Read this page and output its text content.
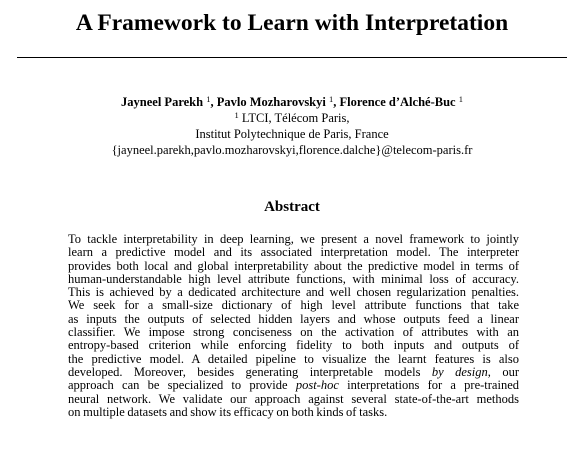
A Framework to Learn with Interpretation
Jayneel Parekh $^1$, Pavlo Mozharovskyi $^1$, Florence d’Alché-Buc $^1$
$^1$ LTCI, Télécom Paris,
Institut Polytechnique de Paris, France
{jayneel.parekh,pavlo.mozharovskyi,florence.dalche}@telecom-paris.fr
Abstract
To tackle interpretability in deep learning, we present a novel framework to jointly
learn a predictive model and its associated interpretation model. The interpreter
provides both local and global interpretability about the predictive model in terms of
human-understandable high level attribute functions, with minimal loss of accuracy.
This is achieved by a dedicated architecture and well chosen regularization penalties.
We seek for a small-size dictionary of high level attribute functions that take
as inputs the outputs of selected hidden layers and whose outputs feed a linear
classifier. We impose strong conciseness on the activation of attributes with an
entropy-based criterion while enforcing fidelity to both inputs and outputs of
the predictive model. A detailed pipeline to visualize the learnt features is also
developed. Moreover, besides generating interpretable models by design, our
approach can be specialized to provide post-hoc interpretations for a pre-trained
neural network. We validate our approach against several state-of-the-art methods
on multiple datasets and show its efficacy on both kinds of tasks.
